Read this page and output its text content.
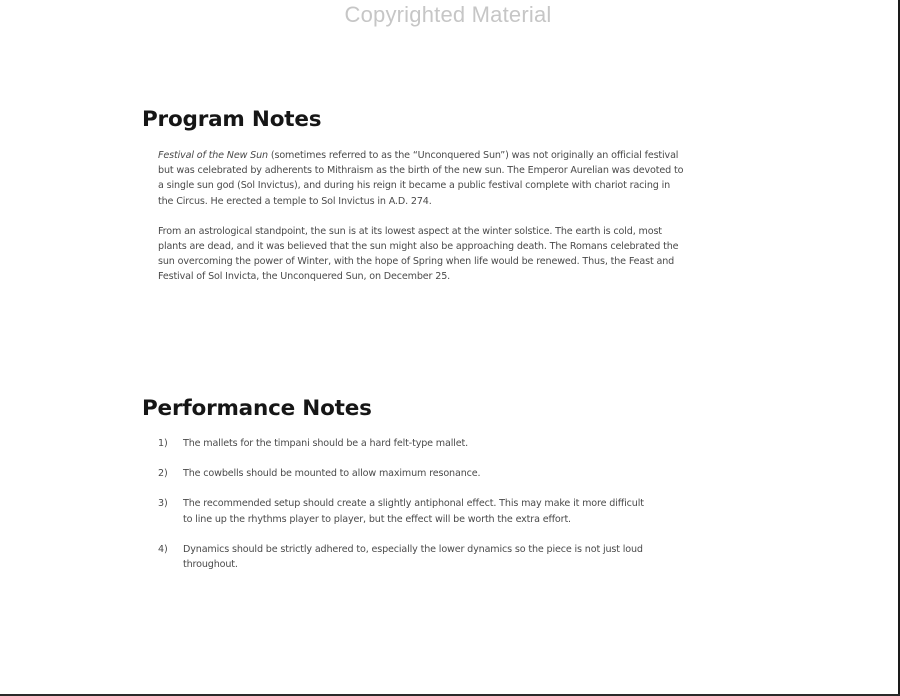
Copyrighted Material
Program Notes

Festival of the New Sun (sometimes referred to as the “Unconquered Sun”) was not originally an official festival
but was celebrated by adherents to Mithraism as the birth of the new sun. The Emperor Aurelian was devoted to
a single sun god (Sol Invictus), and during his reign it became a public festival complete with chariot racing in
the Circus. He erected a temple to Sol Invictus in A.D. 274.

From an astrological standpoint, the sun is at its lowest aspect at the winter solstice. The earth is cold, most
plants are dead, and it was believed that the sun might also be approaching death. The Romans celebrated the
sun overcoming the power of Winter, with the hope of Spring when life would be renewed. Thus, the Feast and
Festival of Sol Invicta, the Unconquered Sun, on December 25.

Performance Notes
1)	The mallets for the timpani should be a hard felt-type mallet.
2)	The cowbells should be mounted to allow maximum resonance.
3)	The recommended setup should create a slightly antiphonal effect. This may make it more difficult
to line up the rhythms player to player, but the effect will be worth the extra effort.
4)	Dynamics should be strictly adhered to, especially the lower dynamics so the piece is not just loud
throughout.
